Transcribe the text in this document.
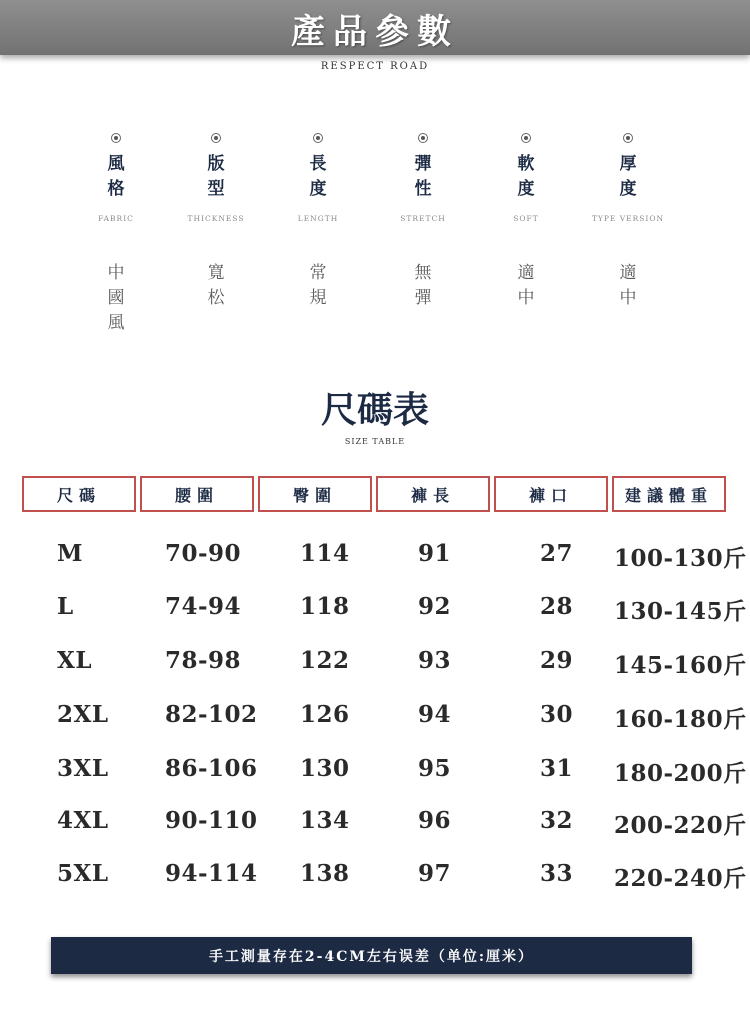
產品參數
RESPECT ROAD
風格
FABRIC
中國風
版型
THICKNESS
寬松
長度
LENGTH
常規
彈性
STRETCH
無彈
軟度
SOFT
適中
厚度
TYPE VERSION
適中
尺碼表
SIZE TABLE
尺碼	腰圍	臀圍	褲長	褲口	建議體重
M	70-90	114	91	27 100-130斤
L	74-94	118	92	28 130-145斤
XL	78-98	122	93	29 145-160斤
2XL 82-102 126	94	30 160-180斤
3XL 86-106 130	95	31 180-200斤
4XL 90-110 134	96	32 200-220斤
5XL 94-114 138	97	33 220-240斤
手工測量存在2-4CM左右误差（单位:厘米）
